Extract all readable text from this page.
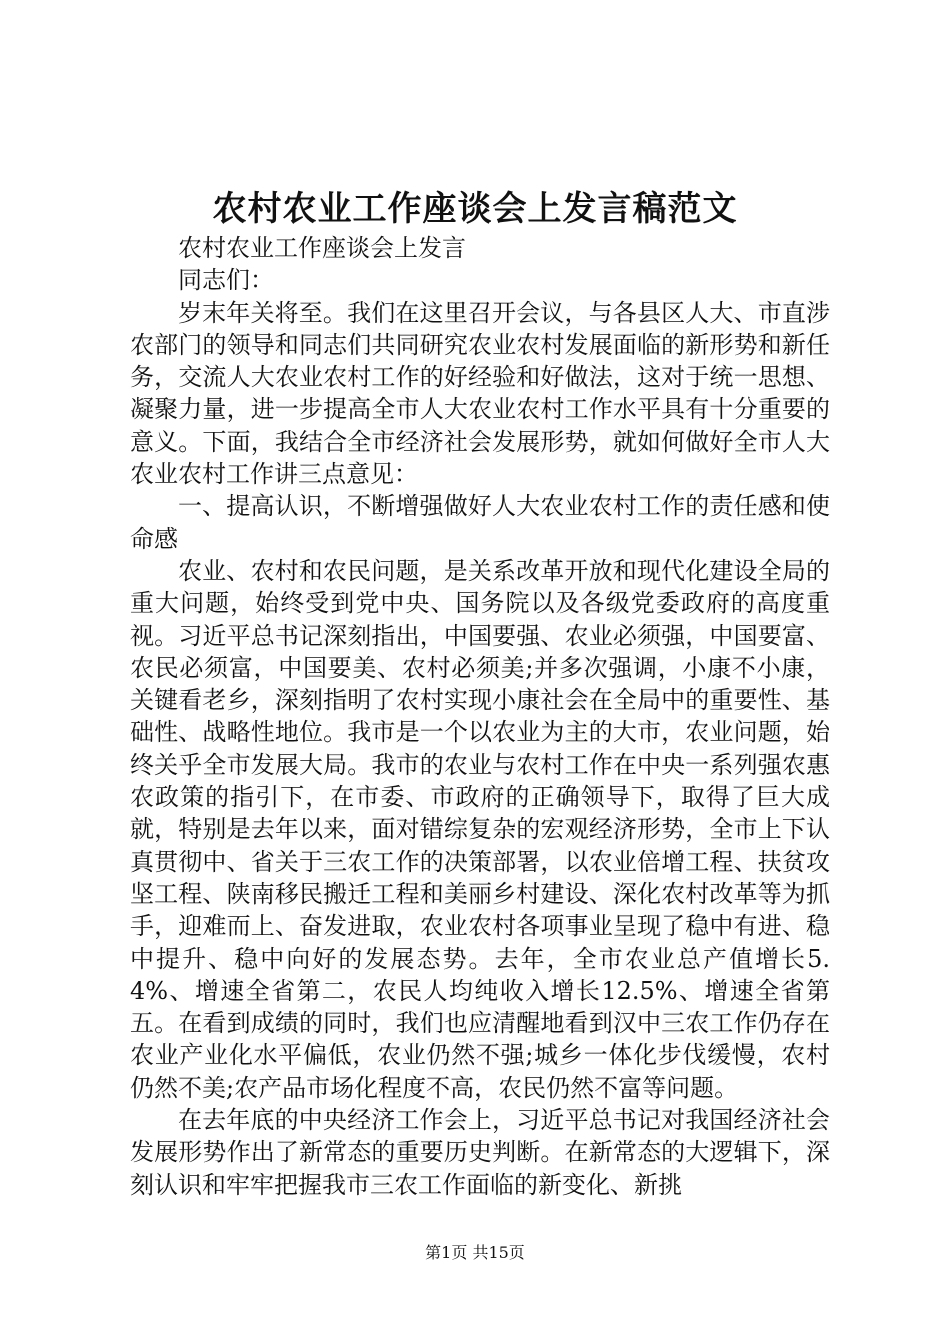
农村农业工作座谈会上发言稿范文

农村农业工作座谈会上发言

同志们：

岁末年关将至。我们在这里召开会议，与各县区人大、市直涉农部门的领导和同志们共同研究农业农村发展面临的新形势和新任务，交流人大农业农村工作的好经验和好做法，这对于统一思想、凝聚力量，进一步提高全市人大农业农村工作水平具有十分重要的意义。下面，我结合全市经济社会发展形势，就如何做好全市人大农业农村工作讲三点意见：

一、提高认识，不断增强做好人大农业农村工作的责任感和使命感

农业、农村和农民问题，是关系改革开放和现代化建设全局的重大问题，始终受到党中央、国务院以及各级党委政府的高度重视。习近平总书记深刻指出，中国要强、农业必须强，中国要富、农民必须富，中国要美、农村必须美;并多次强调，小康不小康，关键看老乡，深刻指明了农村实现小康社会在全局中的重要性、基础性、战略性地位。我市是一个以农业为主的大市，农业问题，始终关乎全市发展大局。我市的农业与农村工作在中央一系列强农惠农政策的指引下，在市委、市政府的正确领导下，取得了巨大成就，特别是去年以来，面对错综复杂的宏观经济形势，全市上下认真贯彻中、省关于三农工作的决策部署，以农业倍增工程、扶贫攻坚工程、陕南移民搬迁工程和美丽乡村建设、深化农村改革等为抓手，迎难而上、奋发进取，农业农村各项事业呈现了稳中有进、稳中提升、稳中向好的发展态势。去年，全市农业总产值增长5.4%、增速全省第二，农民人均纯收入增长12.5%、增速全省第五。在看到成绩的同时，我们也应清醒地看到汉中三农工作仍存在农业产业化水平偏低，农业仍然不强;城乡一体化步伐缓慢，农村仍然不美;农产品市场化程度不高，农民仍然不富等问题。

在去年底的中央经济工作会上，习近平总书记对我国经济社会发展形势作出了新常态的重要历史判断。在新常态的大逻辑下，深刻认识和牢牢把握我市三农工作面临的新变化、新挑

第1页 共15页
